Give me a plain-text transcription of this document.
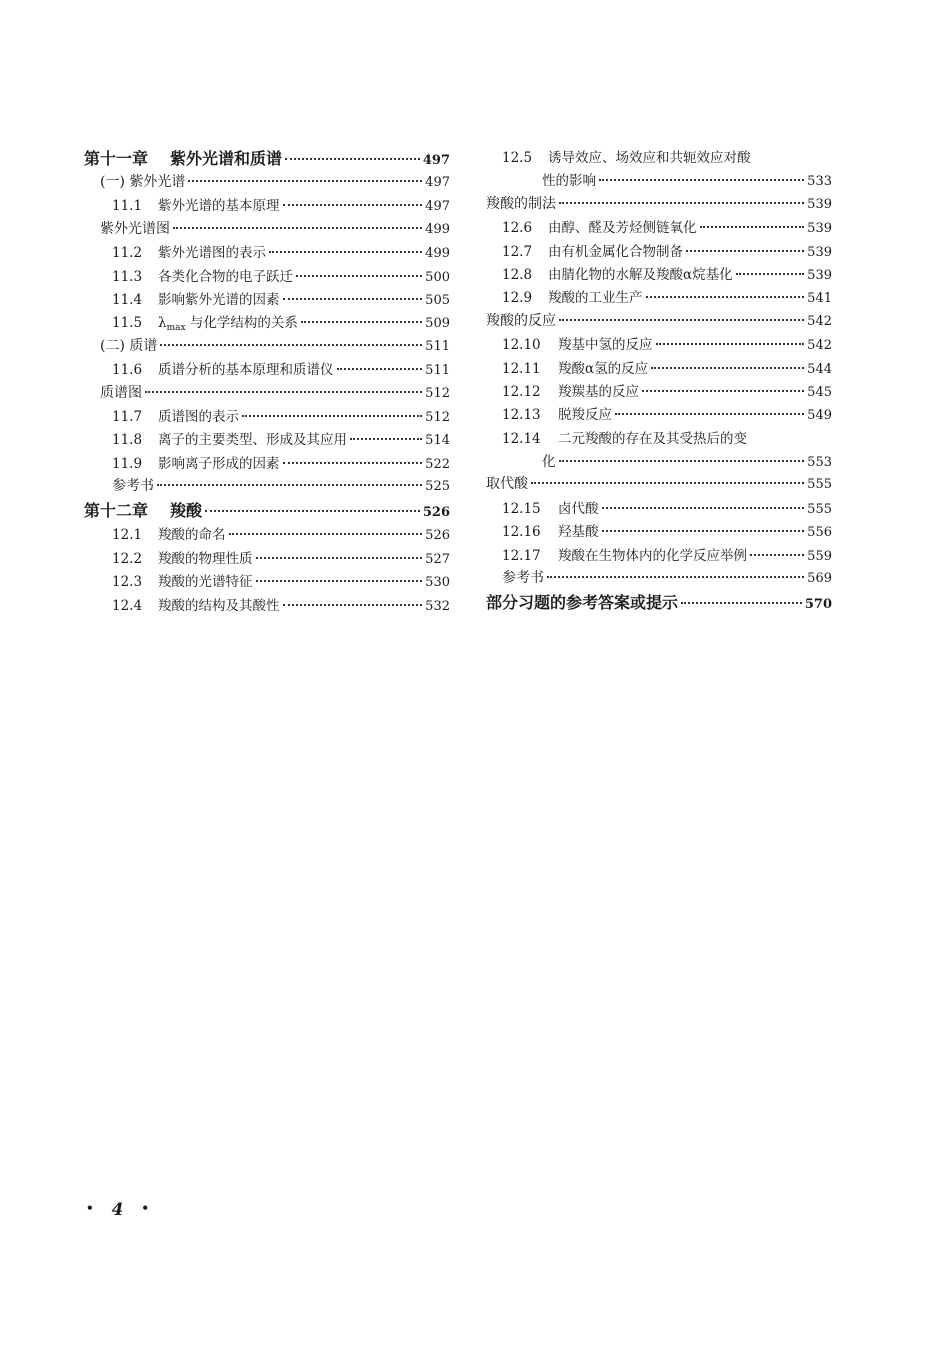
第十一章 紫外光谱和质谱	497
(一) 紫外光谱	497
11.1	紫外光谱的基本原理	497
紫外光谱图	499
11.2	紫外光谱图的表示	499
11.3	各类化合物的电子跃迁	500
11.4	影响紫外光谱的因素	505
11.5	$\lambda_{max}$ 与化学结构的关系	509
(二) 质谱	511
11.6	质谱分析的基本原理和质谱仪	511
质谱图	512
11.7	质谱图的表示	512
11.8	离子的主要类型、形成及其应用	514
11.9	影响离子形成的因素	522
参考书	525
第十二章 羧酸	526
12.1	羧酸的命名	526
12.2	羧酸的物理性质	527
12.3	羧酸的光谱特征	530
12.4	羧酸的结构及其酸性	532
12.5	诱导效应、场效应和共轭效应对酸
性的影响	533
羧酸的制法	539
12.6	由醇、醛及芳烃侧链氧化	539
12.7	由有机金属化合物制备	539
12.8	由腈化物的水解及羧酸α烷基化	539
12.9	羧酸的工业生产	541
羧酸的反应	542
12.10	羧基中氢的反应	542
12.11	羧酸α氢的反应	544
12.12	羧羰基的反应	545
12.13	脱羧反应	549
12.14	二元羧酸的存在及其受热后的变
化	553
取代酸	555
12.15	卤代酸	555
12.16	羟基酸	556
12.17	羧酸在生物体内的化学反应举例	559
参考书	569
部分习题的参考答案或提示	570
• 4 •
